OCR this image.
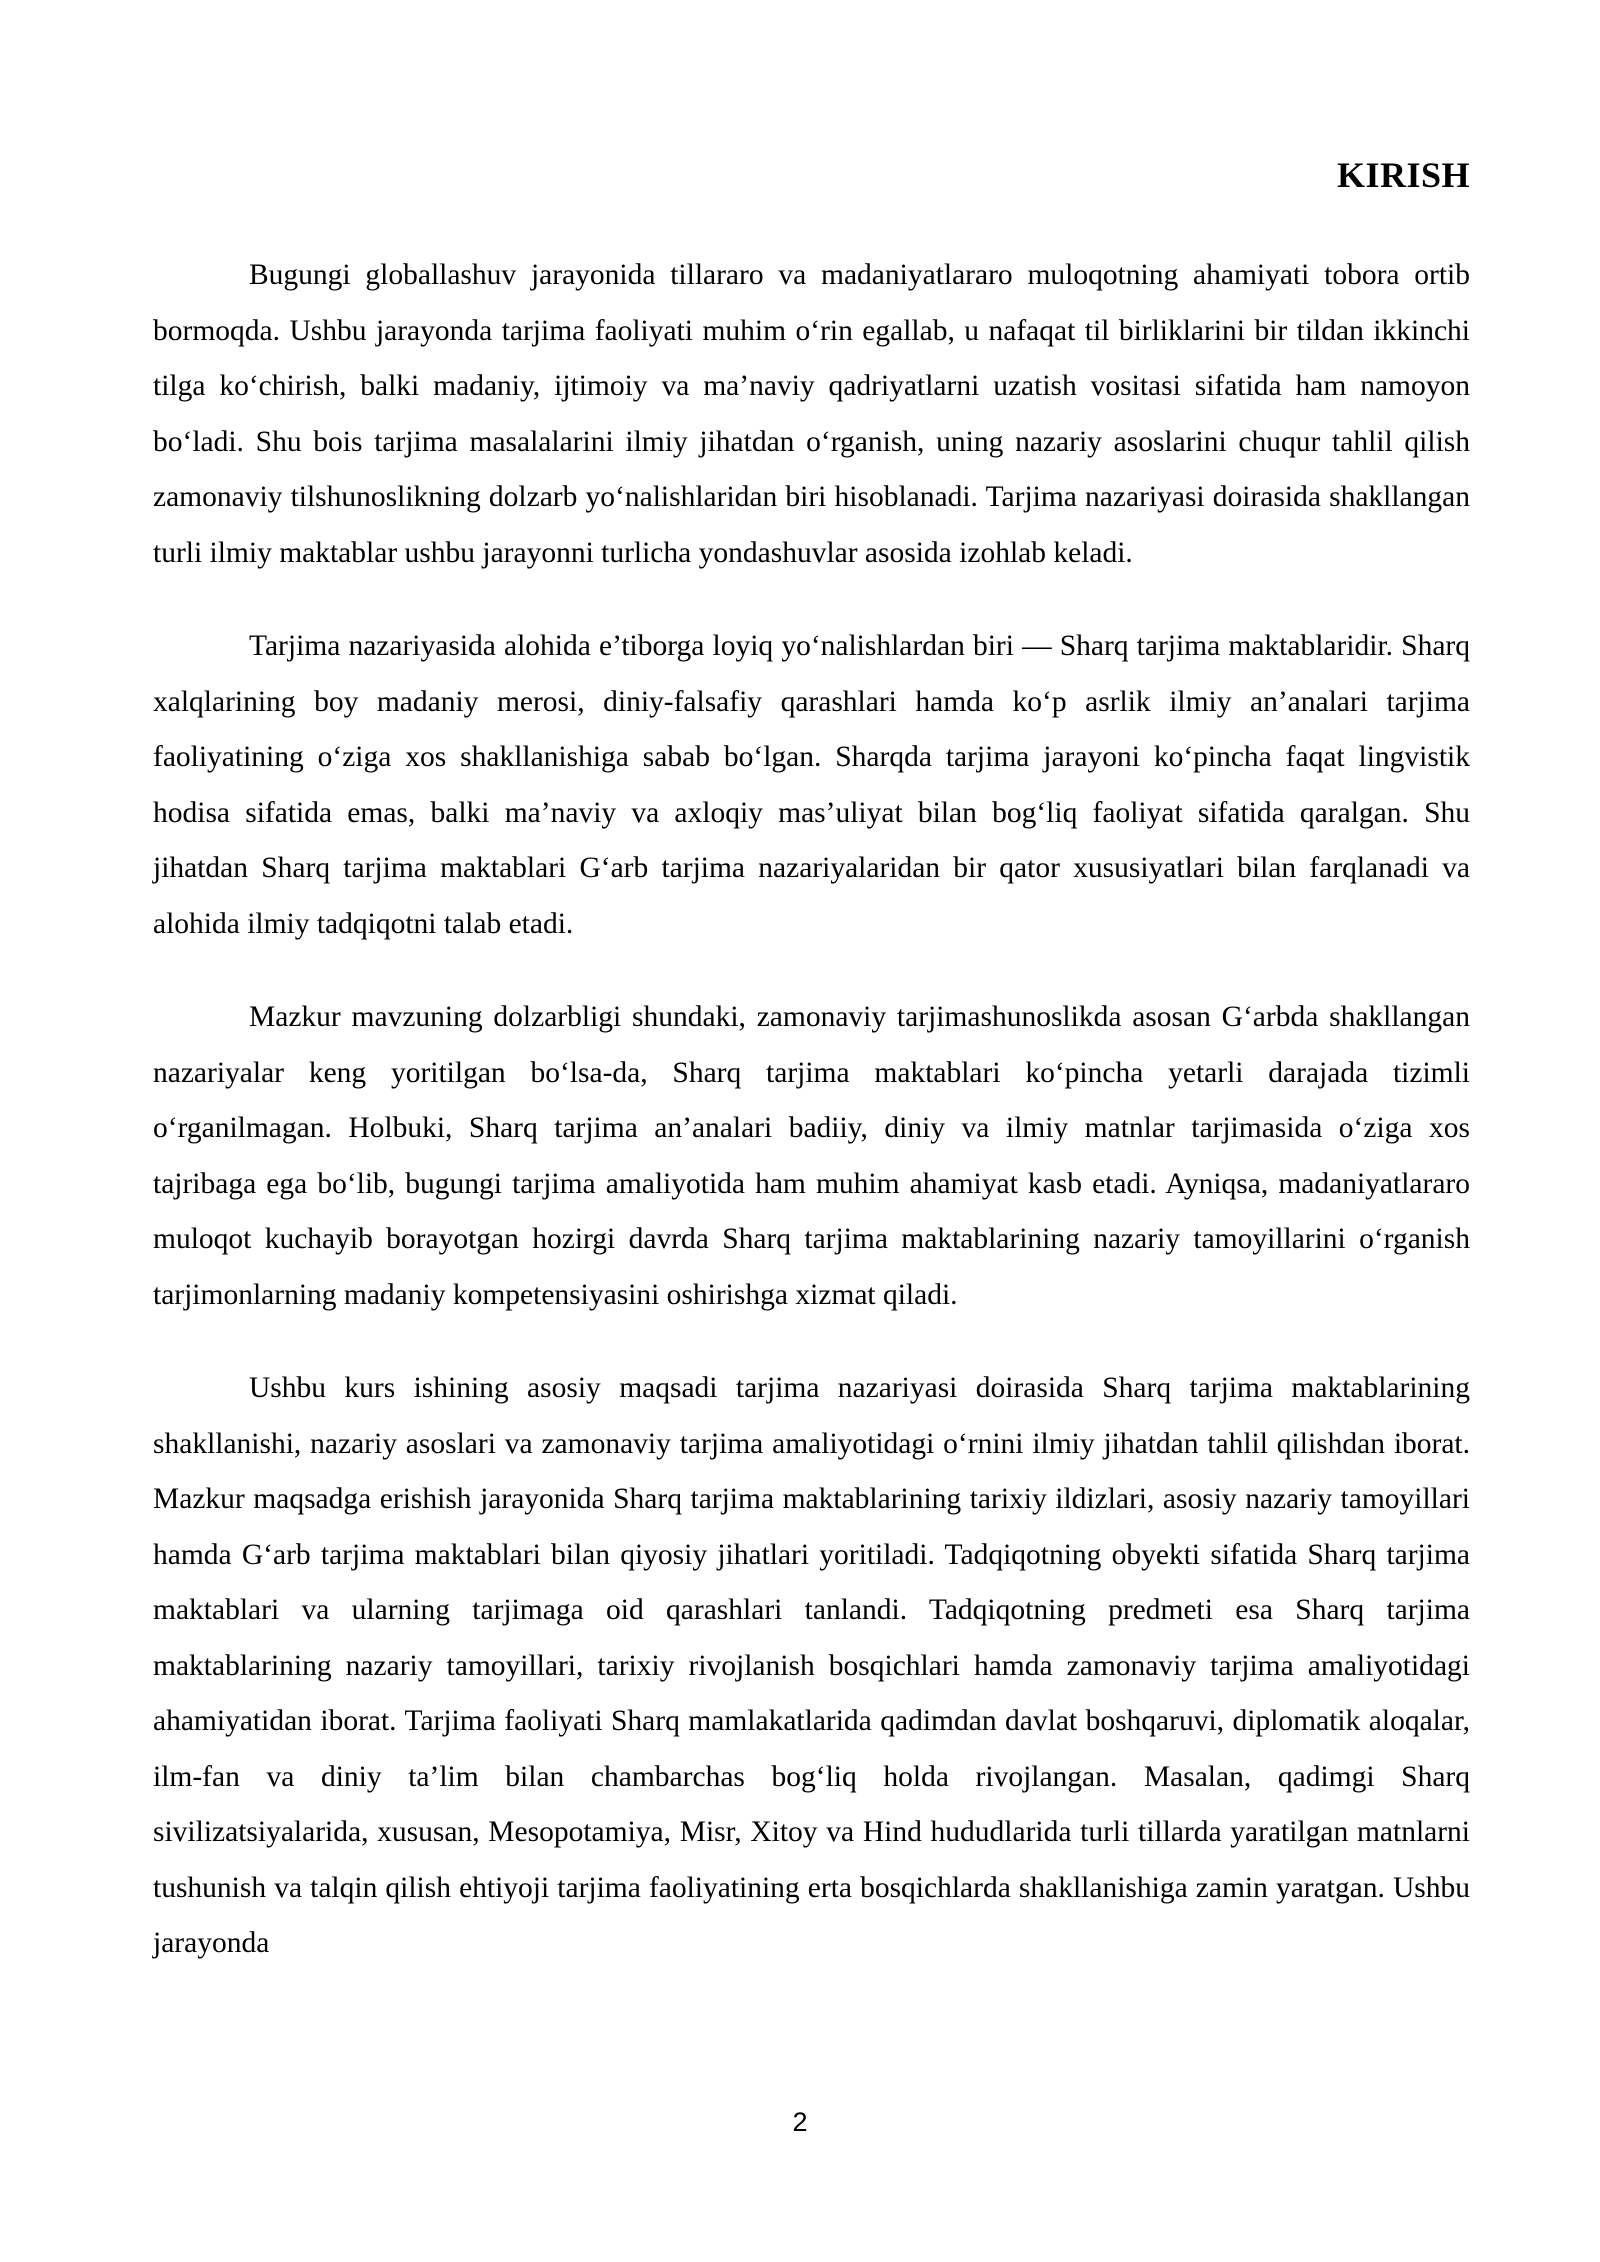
KIRISH

Bugungi globallashuv jarayonida tillararo va madaniyatlararo muloqotning ahamiyati tobora ortib bormoqda. Ushbu jarayonda tarjima faoliyati muhim o‘rin egallab, u nafaqat til birliklarini bir tildan ikkinchi tilga ko‘chirish, balki madaniy, ijtimoiy va ma’naviy qadriyatlarni uzatish vositasi sifatida ham namoyon bo‘ladi. Shu bois tarjima masalalarini ilmiy jihatdan o‘rganish, uning nazariy asoslarini chuqur tahlil qilish zamonaviy tilshunoslikning dolzarb yo‘nalishlaridan biri hisoblanadi. Tarjima nazariyasi doirasida shakllangan turli ilmiy maktablar ushbu jarayonni turlicha yondashuvlar asosida izohlab keladi.

Tarjima nazariyasida alohida e’tiborga loyiq yo‘nalishlardan biri — Sharq tarjima maktablaridir. Sharq xalqlarining boy madaniy merosi, diniy-falsafiy qarashlari hamda ko‘p asrlik ilmiy an’analari tarjima faoliyatining o‘ziga xos shakllanishiga sabab bo‘lgan. Sharqda tarjima jarayoni ko‘pincha faqat lingvistik hodisa sifatida emas, balki ma’naviy va axloqiy mas’uliyat bilan bog‘liq faoliyat sifatida qaralgan. Shu jihatdan Sharq tarjima maktablari G‘arb tarjima nazariyalaridan bir qator xususiyatlari bilan farqlanadi va alohida ilmiy tadqiqotni talab etadi.

Mazkur mavzuning dolzarbligi shundaki, zamonaviy tarjimashunoslikda asosan G‘arbda shakllangan nazariyalar keng yoritilgan bo‘lsa-da, Sharq tarjima maktablari ko‘pincha yetarli darajada tizimli o‘rganilmagan. Holbuki, Sharq tarjima an’analari badiiy, diniy va ilmiy matnlar tarjimasida o‘ziga xos tajribaga ega bo‘lib, bugungi tarjima amaliyotida ham muhim ahamiyat kasb etadi. Ayniqsa, madaniyatlararo muloqot kuchayib borayotgan hozirgi davrda Sharq tarjima maktablarining nazariy tamoyillarini o‘rganish tarjimonlarning madaniy kompetensiyasini oshirishga xizmat qiladi.

Ushbu kurs ishining asosiy maqsadi tarjima nazariyasi doirasida Sharq tarjima maktablarining shakllanishi, nazariy asoslari va zamonaviy tarjima amaliyotidagi o‘rnini ilmiy jihatdan tahlil qilishdan iborat. Mazkur maqsadga erishish jarayonida Sharq tarjima maktablarining tarixiy ildizlari, asosiy nazariy tamoyillari hamda G‘arb tarjima maktablari bilan qiyosiy jihatlari yoritiladi. Tadqiqotning obyekti sifatida Sharq tarjima maktablari va ularning tarjimaga oid qarashlari tanlandi. Tadqiqotning predmeti esa Sharq tarjima maktablarining nazariy tamoyillari, tarixiy rivojlanish bosqichlari hamda zamonaviy tarjima amaliyotidagi ahamiyatidan iborat. Tarjima faoliyati Sharq mamlakatlarida qadimdan davlat boshqaruvi, diplomatik aloqalar, ilm-fan va diniy ta’lim bilan chambarchas bog‘liq holda rivojlangan. Masalan, qadimgi Sharq sivilizatsiyalarida, xususan, Mesopotamiya, Misr, Xitoy va Hind hududlarida turli tillarda yaratilgan matnlarni tushunish va talqin qilish ehtiyoji tarjima faoliyatining erta bosqichlarda shakllanishiga zamin yaratgan. Ushbu jarayonda

2
